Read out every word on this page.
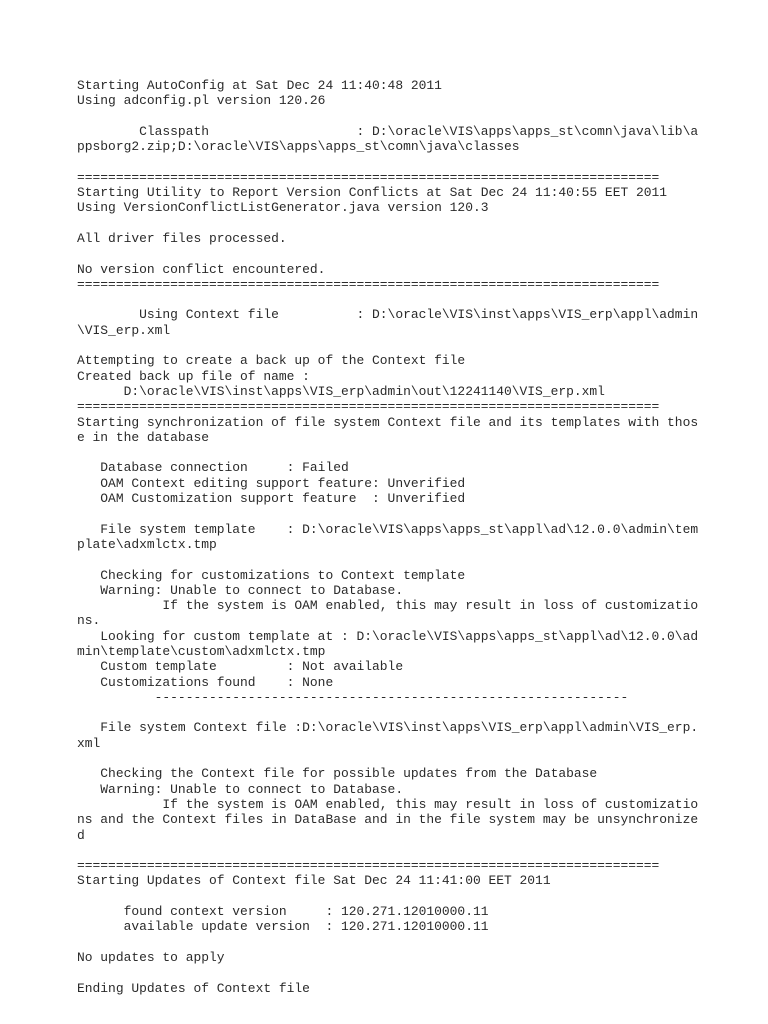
Starting AutoConfig at Sat Dec 24 11:40:48 2011
Using adconfig.pl version 120.26
Classpath                   : D:\oracle\VIS\apps\apps_st\comn\java\lib\a
ppsborg2.zip;D:\oracle\VIS\apps\apps_st\comn\java\classes
===========================================================================
Starting Utility to Report Version Conflicts at Sat Dec 24 11:40:55 EET 2011
Using VersionConflictListGenerator.java version 120.3
All driver files processed.
No version conflict encountered.
===========================================================================
Using Context file          : D:\oracle\VIS\inst\apps\VIS_erp\appl\admin
\VIS_erp.xml
Attempting to create a back up of the Context file
Created back up file of name :
D:\oracle\VIS\inst\apps\VIS_erp\admin\out\12241140\VIS_erp.xml
===========================================================================
Starting synchronization of file system Context file and its templates with thos
e in the database
Database connection     : Failed
OAM Context editing support feature: Unverified
OAM Customization support feature  : Unverified
File system template    : D:\oracle\VIS\apps\apps_st\appl\ad\12.0.0\admin\tem
plate\adxmlctx.tmp
Checking for customizations to Context template
Warning: Unable to connect to Database.
If the system is OAM enabled, this may result in loss of customizatio
ns.
Looking for custom template at : D:\oracle\VIS\apps\apps_st\appl\ad\12.0.0\ad
min\template\custom\adxmlctx.tmp
Custom template         : Not available
Customizations found    : None
-------------------------------------------------------------
File system Context file :D:\oracle\VIS\inst\apps\VIS_erp\appl\admin\VIS_erp.
xml
Checking the Context file for possible updates from the Database
Warning: Unable to connect to Database.
If the system is OAM enabled, this may result in loss of customizatio
ns and the Context files in DataBase and in the file system may be unsynchronize
d
===========================================================================
Starting Updates of Context file Sat Dec 24 11:41:00 EET 2011
found context version     : 120.271.12010000.11
available update version  : 120.271.12010000.11
No updates to apply
Ending Updates of Context file
